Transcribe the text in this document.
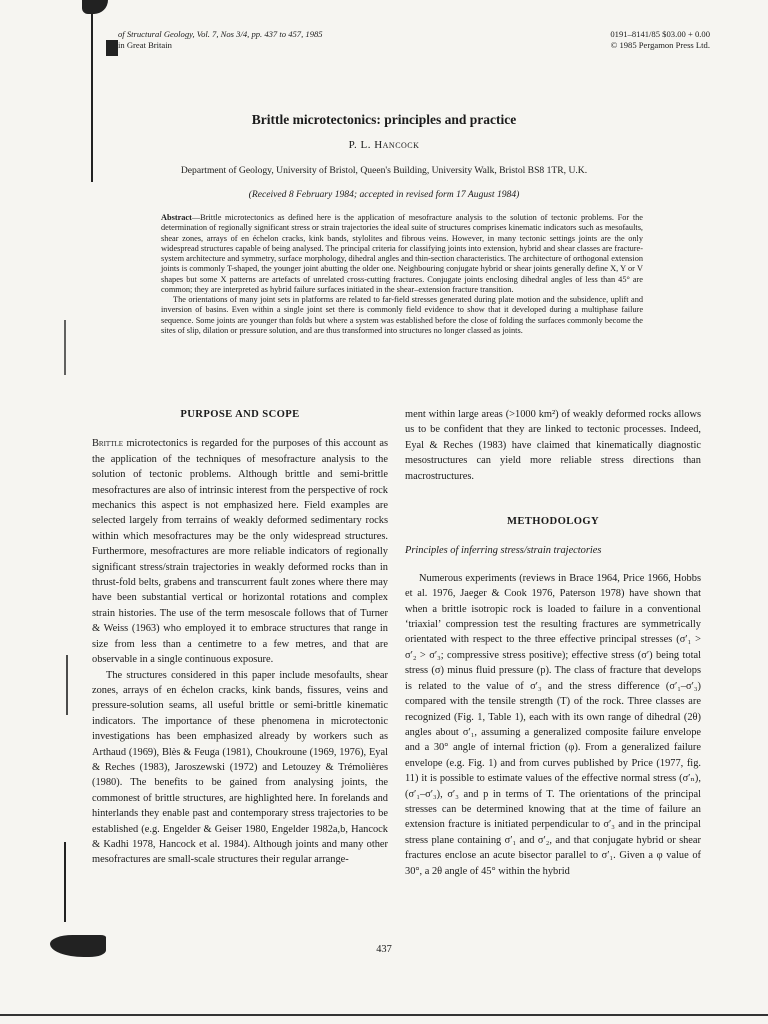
of Structural Geology, Vol. 7, Nos 3/4, pp. 437 to 457, 1985
in Great Britain
0191–8141/85 $03.00 + 0.00
© 1985 Pergamon Press Ltd.
Brittle microtectonics: principles and practice
P. L. Hancock
Department of Geology, University of Bristol, Queen's Building, University Walk, Bristol BS8 1TR, U.K.
(Received 8 February 1984; accepted in revised form 17 August 1984)

Abstract—Brittle microtectonics as defined here is the application of mesofracture analysis to the solution of tectonic problems. For the determination of regionally significant stress or strain trajectories the ideal suite of structures comprises kinematic indicators such as mesofaults, shear zones, arrays of en échelon cracks, kink bands, stylolites and fibrous veins. However, in many tectonic settings joints are the only widespread structures capable of being analysed. The principal criteria for classifying joints into extension, hybrid and shear classes are fracture-system architecture and symmetry, surface morphology, dihedral angles and thin-section characteristics. The architecture of orthogonal extension joints is commonly T-shaped, the younger joint abutting the older one. Neighbouring conjugate hybrid or shear joints generally define X, Y or V shapes but some X patterns are artefacts of unrelated cross-cutting fractures. Conjugate joints enclosing dihedral angles of less than 45° are common; they are interpreted as hybrid failure surfaces initiated in the shear–extension fracture transition.

The orientations of many joint sets in platforms are related to far-field stresses generated during plate motion and the subsidence, uplift and inversion of basins. Even within a single joint set there is commonly field evidence to show that it developed during a multiphase failure sequence. Some joints are younger than folds but where a system was established before the close of folding the surfaces commonly become the sites of slip, dilation or pressure solution, and are thus transformed into structures no longer classed as joints.

PURPOSE AND SCOPE

Brittle microtectonics is regarded for the purposes of this account as the application of the techniques of mesofracture analysis to the solution of tectonic problems. Although brittle and semi-brittle mesofractures are also of intrinsic interest from the perspective of rock mechanics this aspect is not emphasized here. Field examples are selected largely from terrains of weakly deformed sedimentary rocks within which mesofractures may be the only widespread structures. Furthermore, mesofractures are more reliable indicators of regionally significant stress/strain trajectories in weakly deformed rocks than in thrust-fold belts, grabens and transcurrent fault zones where there may have been substantial vertical or horizontal rotations and complex strain histories. The use of the term mesoscale follows that of Turner & Weiss (1963) who employed it to embrace structures that range in size from less than a centimetre to a few metres, and that are observable in a single continuous exposure.

The structures considered in this paper include mesofaults, shear zones, arrays of en échelon cracks, kink bands, fissures, veins and pressure-solution seams, all useful brittle or semi-brittle kinematic indicators. The importance of these phenomena in microtectonic investigations has been emphasized already by workers such as Arthaud (1969), Blès & Feuga (1981), Choukroune (1969, 1976), Eyal & Reches (1983), Jaroszewski (1972) and Letouzey & Trémolières (1980). The benefits to be gained from analysing joints, the commonest of brittle structures, are highlighted here. In forelands and hinterlands they enable past and contemporary stress trajectories to be established (e.g. Engelder & Geiser 1980, Engelder 1982a,b, Hancock & Kadhi 1978, Hancock et al. 1984). Although joints and many other mesofractures are small-scale structures their regular arrange-

ment within large areas (>1000 km²) of weakly deformed rocks allows us to be confident that they are linked to tectonic processes. Indeed, Eyal & Reches (1983) have claimed that kinematically diagnostic mesostructures can yield more reliable stress directions than macrostructures.

METHODOLOGY
Principles of inferring stress/strain trajectories

Numerous experiments (reviews in Brace 1964, Price 1966, Hobbs et al. 1976, Jaeger & Cook 1976, Paterson 1978) have shown that when a brittle isotropic rock is loaded to failure in a conventional ‘triaxial’ compression test the resulting fractures are symmetrically orientated with respect to the three effective principal stresses (σ′₁ > σ′₂ > σ′₃; compressive stress positive); effective stress (σ′) being total stress (σ) minus fluid pressure (p). The class of fracture that develops is related to the value of σ′₃ and the stress difference (σ′₁–σ′₃) compared with the tensile strength (T) of the rock. Three classes are recognized (Fig. 1, Table 1), each with its own range of dihedral (2θ) angles about σ′₁, assuming a generalized composite failure envelope and a 30° angle of internal friction (φ). From a generalized failure envelope (e.g. Fig. 1) and from curves published by Price (1977, fig. 11) it is possible to estimate values of the effective normal stress (σ′ₙ), (σ′₁–σ′₃), σ′₃ and p in terms of T. The orientations of the principal stresses can be determined knowing that at the time of failure an extension fracture is initiated perpendicular to σ′₃ and in the principal stress plane containing σ′₁ and σ′₂, and that conjugate hybrid or shear fractures enclose an acute bisector parallel to σ′₁. Given a φ value of 30°, a 2θ angle of 45° within the hybrid

437
